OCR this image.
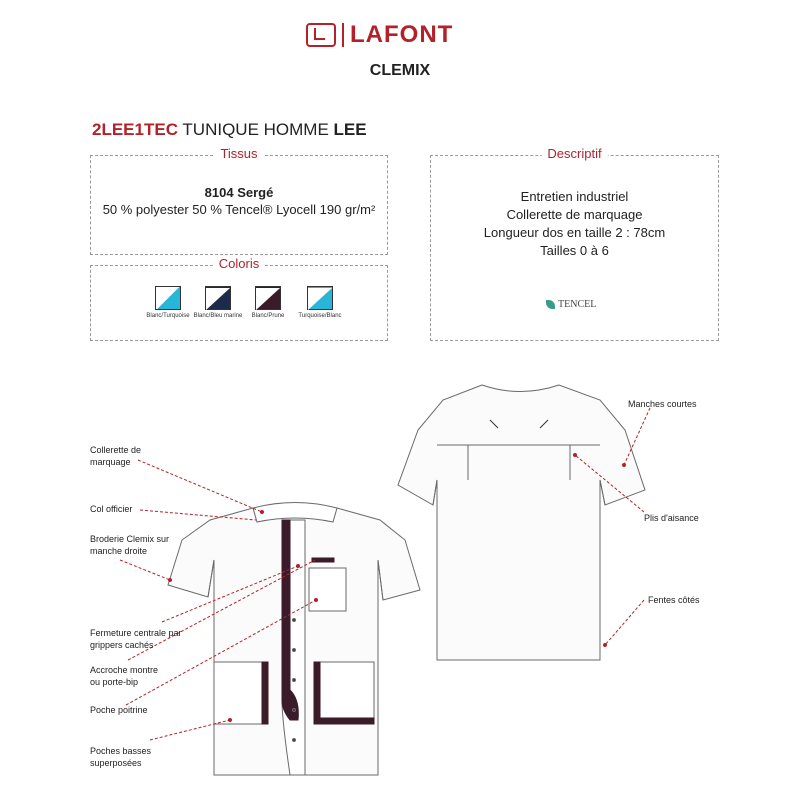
LAFONT
CLEMIX
2LEE1TEC TUNIQUE HOMME LEE
Tissus
8104 Sergé
50 % polyester 50 % Tencel® Lyocell 190 gr/m²
Coloris
Blanc/Turquoise Blanc/Bleu marine	Blanc/Prune	Turquoise/Blanc
Descriptif
Entretien industriel
Collerette de marquage
Longueur dos en taille 2 : 78cm
Tailles 0 à 6
TENCEL
Collerette de
marquage
Col officier
Broderie Clemix sur
manche droite
Fermeture centrale par
grippers cachés
Accroche montre
ou porte-bip
Poche poitrine
Poches basses
superposées
Manches courtes
Plis d'aisance
Fentes côtés
